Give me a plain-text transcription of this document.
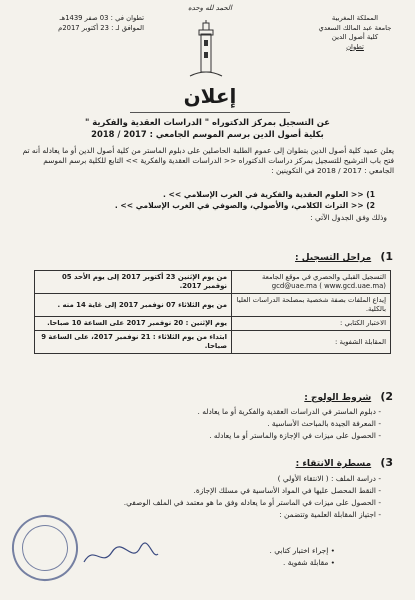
الحمد لله وحده
المملكة المغربية
جامعة عبد المالك السعدي
كلية أصول الدين
تطوان
تطوان في : 03 صفر 1439هـ
الموافق لـ : 23 أكتوبر 2017م
إعلان
عن التسجيل بمركز الدكتوراه " الدراسات العقدية والفكرية "
بكلية أصول الدين برسم الموسم الجامعي : 2017 / 2018
يعلن عميد كلية أصول الدين بتطوان إلى عموم الطلبة الحاصلين على دبلوم الماستر من كلية أصول الدين أو ما يعادله أنه تم فتح باب الترشيح للتسجيل بمركز دراسات الدكتوراه << الدراسات العقدية والفكرية >> التابع للكلية برسم الموسم الجامعي : 2017 / 2018 في التكوينين :
1) << العلوم العقدية والفكرية في الغرب الإسلامي >> .
2) << التراث الكلامي، والأصولي، والصوفي في الغرب الإسلامي >> .
وذلك وفق الجدول الآتي :
1) مراحل التسجيل :
التسجيل القبلي والحصري في موقع الجامعة gcd@uae.ma ( www.gcd.uae.ma)	من يوم الإثنين 23 أكتوبر 2017 إلى يوم الأحد 05 نوفمبر 2017.
إيداع الملفات بصفة شخصية بمصلحة الدراسات العليا بالكلية.	من يوم الثلاثاء 07 نوفمبر 2017 إلى غاية 14 منه .
الاختبار الكتابي :	يوم الإثنين : 20 نوفمبر 2017 على الساعة 10 صباحا.
المقابلة الشفوية :	ابتداء من يوم الثلاثاء : 21 نوفمبر 2017، على الساعة 9 صباحا.
2) شروط الولوج :
- دبلوم الماستر في الدراسات العقدية والفكرية أو ما يعادله .
- المعرفة الجيدة بالمباحث الأساسية .
- الحصول على ميزات في الإجازة والماستر أو ما يعادله .
3) مسطرة الانتقاء :
- دراسة الملف : ( الانتقاء الأولي )
- النقط المحصل عليها في المواد الأساسية في مسلك الإجازة.
- الحصول على ميزات في الماستر أو ما يعادله وفق ما هو معتمد في الملف الوصفي.
- اجتياز المقابلة العلمية وتتضمن :
• إجراء اختبار كتابي .
• مقابلة شفوية .
